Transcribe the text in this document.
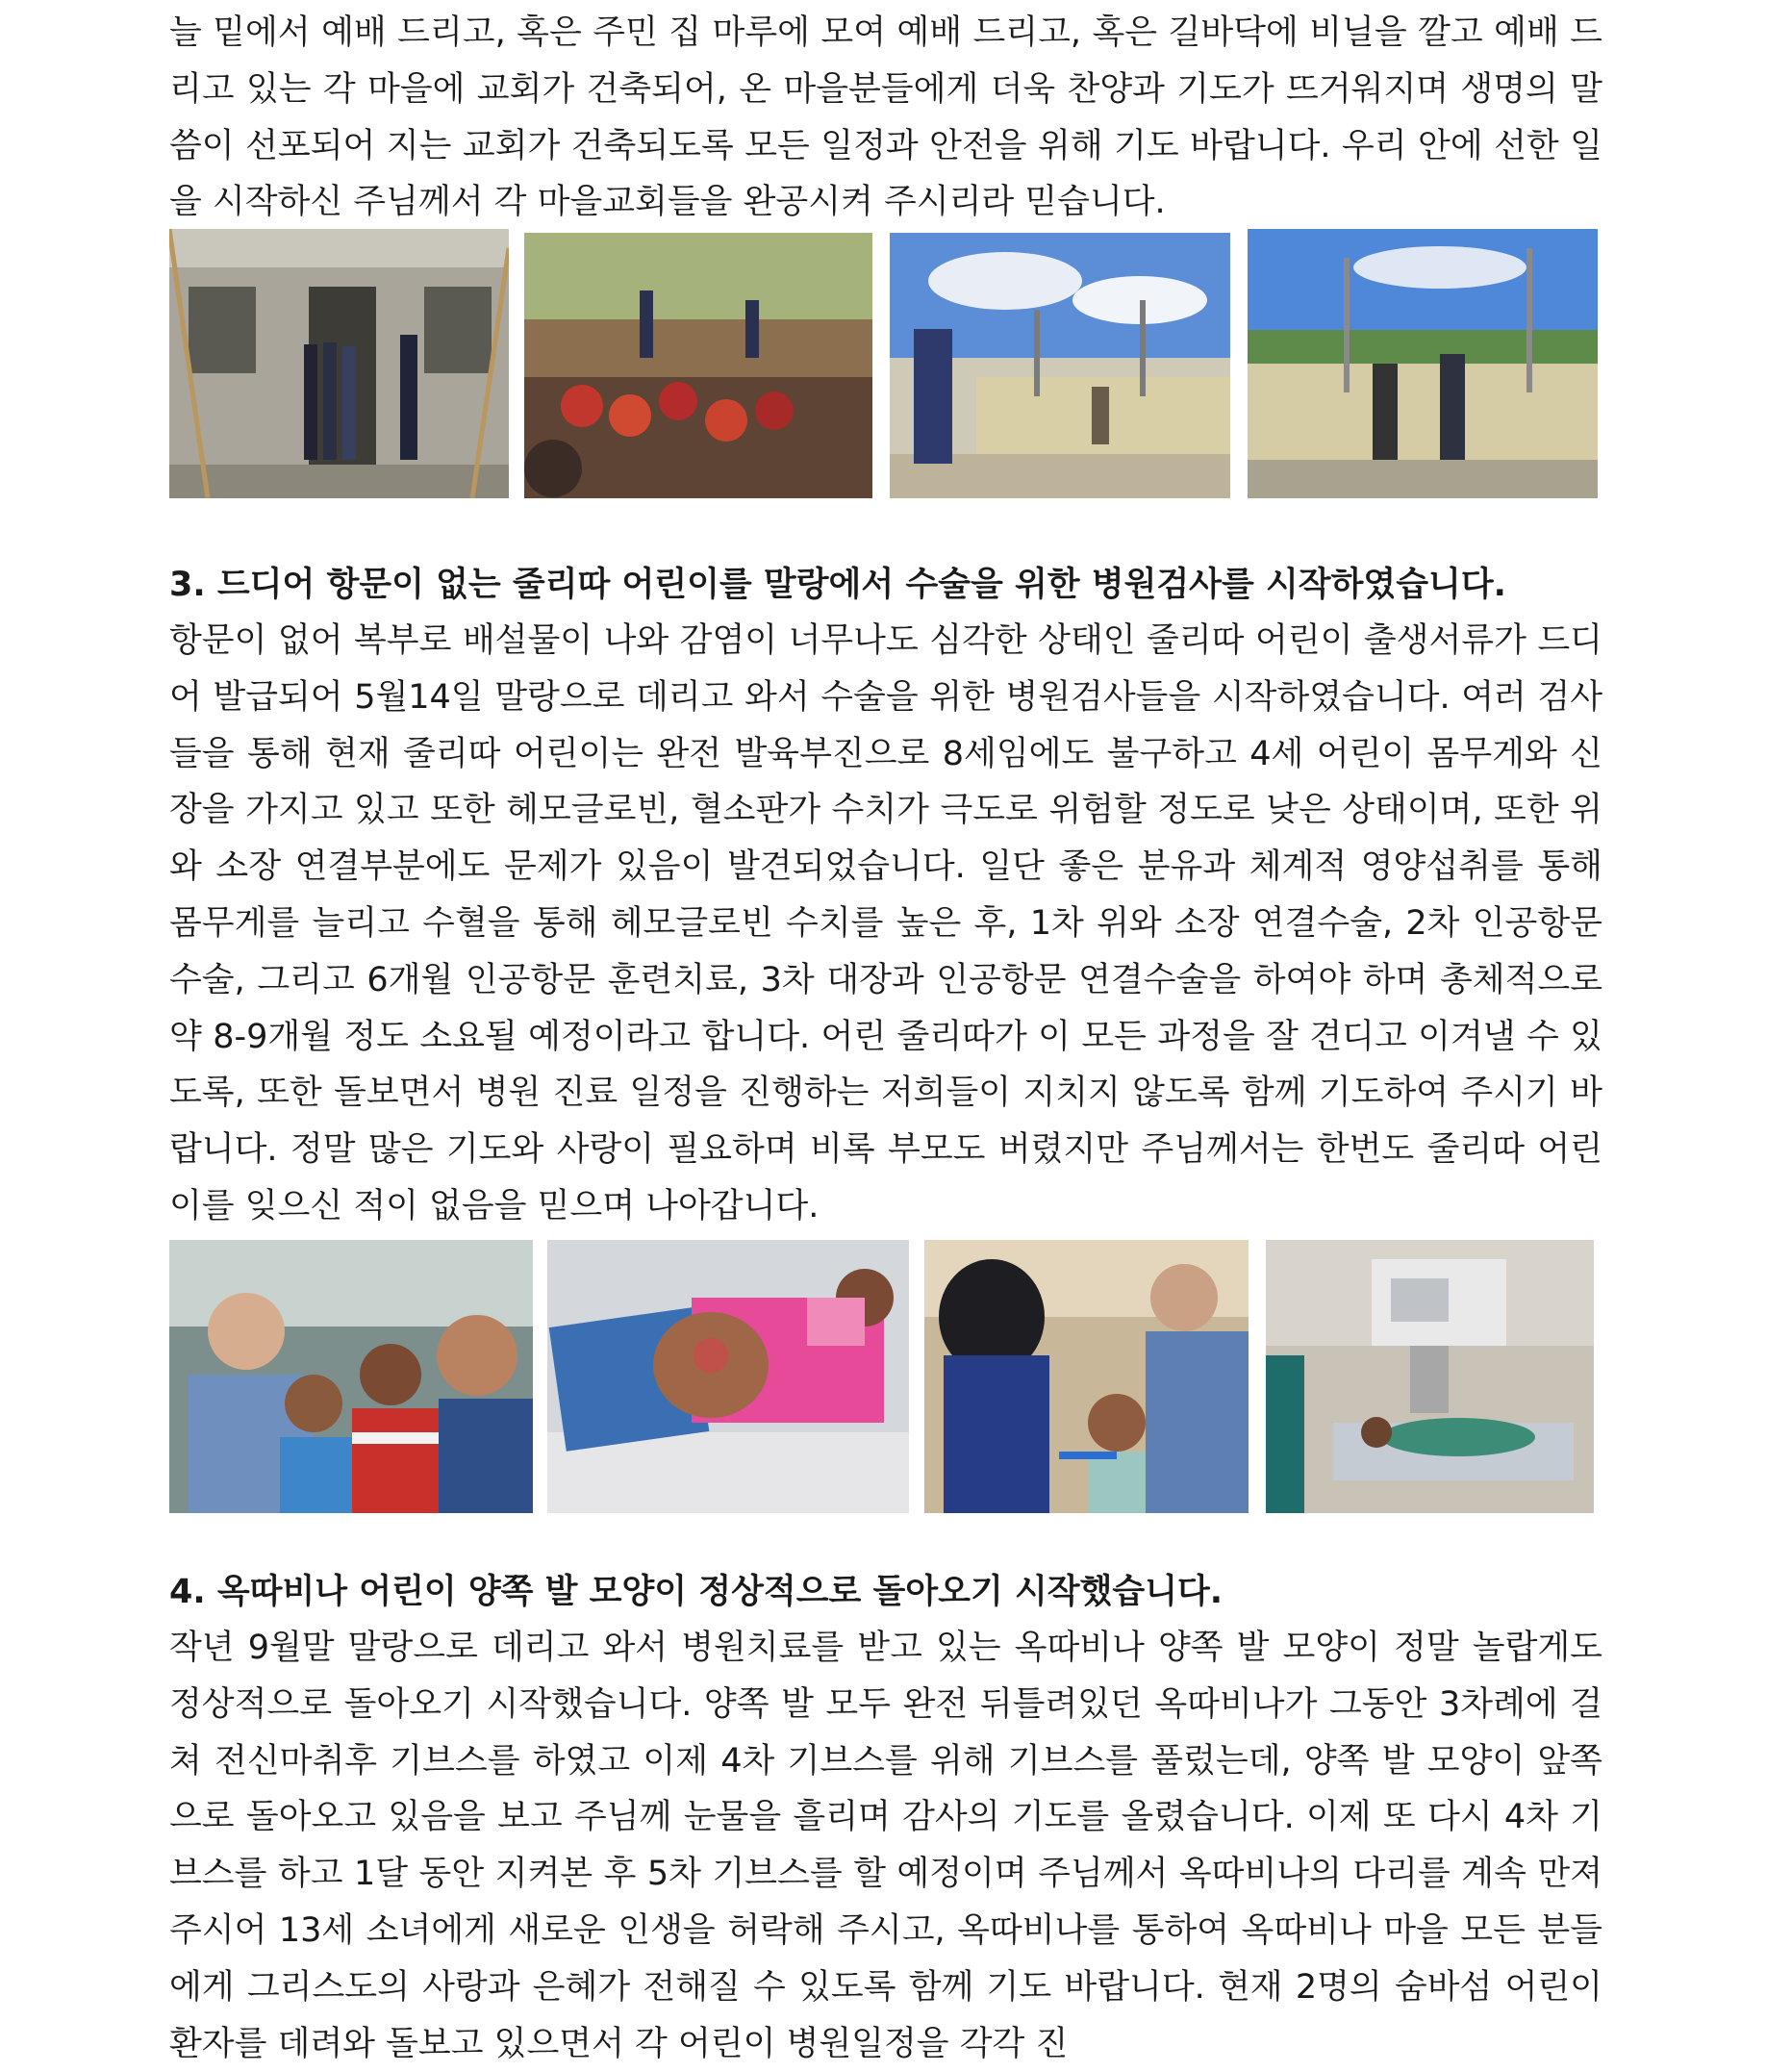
늘 밑에서 예배 드리고, 혹은 주민 집 마루에 모여 예배 드리고, 혹은 길바닥에 비닐을 깔고 예배 드리고 있는 각 마을에 교회가 건축되어, 온 마을분들에게 더욱 찬양과 기도가 뜨거워지며 생명의 말씀이 선포되어 지는 교회가 건축되도록 모든 일정과 안전을 위해 기도 바랍니다. 우리 안에 선한 일을 시작하신 주님께서 각 마을교회들을 완공시켜 주시리라 믿습니다.

3. 드디어 항문이 없는 줄리따 어린이를 말랑에서 수술을 위한 병원검사를 시작하였습니다.

항문이 없어 복부로 배설물이 나와 감염이 너무나도 심각한 상태인 줄리따 어린이 출생서류가 드디어 발급되어 5월14일 말랑으로 데리고 와서 수술을 위한 병원검사들을 시작하였습니다. 여러 검사들을 통해 현재 줄리따 어린이는 완전 발육부진으로 8세임에도 불구하고 4세 어린이 몸무게와 신장을 가지고 있고 또한 헤모글로빈, 혈소판가 수치가 극도로 위험할 정도로 낮은 상태이며, 또한 위와 소장 연결부분에도 문제가 있음이 발견되었습니다. 일단 좋은 분유과 체계적 영양섭취를 통해 몸무게를 늘리고 수혈을 통해 헤모글로빈 수치를 높은 후, 1차 위와 소장 연결수술, 2차 인공항문 수술, 그리고 6개월 인공항문 훈련치료, 3차 대장과 인공항문 연결수술을 하여야 하며 총체적으로 약 8-9개월 정도 소요될 예정이라고 합니다. 어린 줄리따가 이 모든 과정을 잘 견디고 이겨낼 수 있도록, 또한 돌보면서 병원 진료 일정을 진행하는 저희들이 지치지 않도록 함께 기도하여 주시기 바랍니다. 정말 많은 기도와 사랑이 필요하며 비록 부모도 버렸지만 주님께서는 한번도 줄리따 어린이를 잊으신 적이 없음을 믿으며 나아갑니다.

4. 옥따비나 어린이 양쪽 발 모양이 정상적으로 돌아오기 시작했습니다.

작년 9월말 말랑으로 데리고 와서 병원치료를 받고 있는 옥따비나 양쪽 발 모양이 정말 놀랍게도 정상적으로 돌아오기 시작했습니다. 양쪽 발 모두 완전 뒤틀려있던 옥따비나가 그동안 3차례에 걸쳐 전신마취후 기브스를 하였고 이제 4차 기브스를 위해 기브스를 풀렀는데, 양쪽 발 모양이 앞쪽으로 돌아오고 있음을 보고 주님께 눈물을 흘리며 감사의 기도를 올렸습니다. 이제 또 다시 4차 기브스를 하고 1달 동안 지켜본 후 5차 기브스를 할 예정이며 주님께서 옥따비나의 다리를 계속 만져 주시어 13세 소녀에게 새로운 인생을 허락해 주시고, 옥따비나를 통하여 옥따비나 마을 모든 분들에게 그리스도의 사랑과 은혜가 전해질 수 있도록 함께 기도 바랍니다. 현재 2명의 숨바섬 어린이 환자를 데려와 돌보고 있으면서 각 어린이 병원일정을 각각 진
